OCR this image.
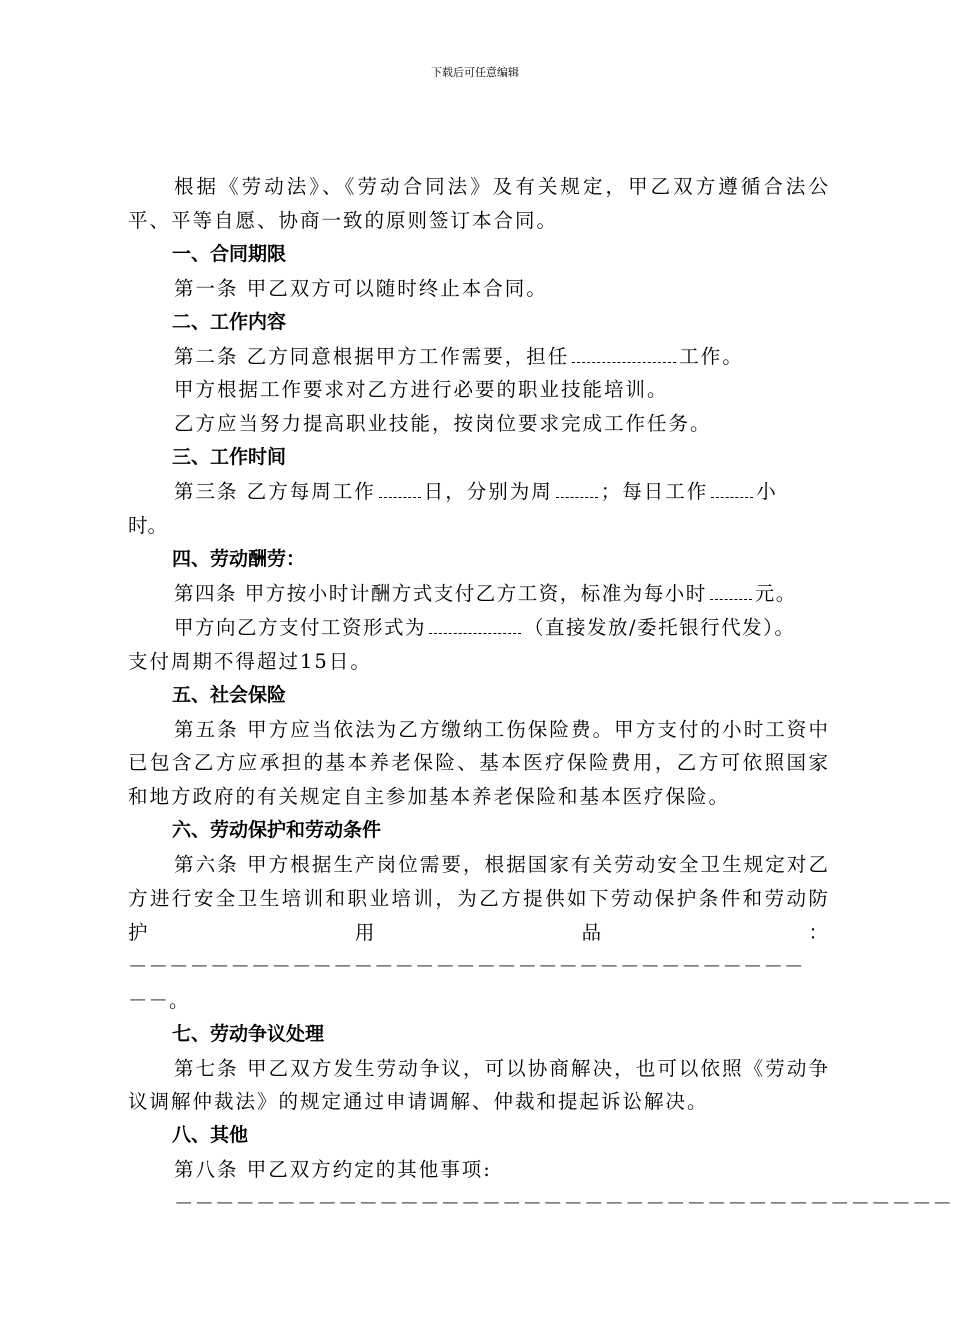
下载后可任意编辑

根据《劳动法》、《劳动合同法》及有关规定，甲乙双方遵循合法公平、平等自愿、协商一致的原则签订本合同。

一、合同期限

第一条 甲乙双方可以随时终止本合同。

二、工作内容

第二条 乙方同意根据甲方工作需要，担任	工作。

甲方根据工作要求对乙方进行必要的职业技能培训。

乙方应当努力提高职业技能，按岗位要求完成工作任务。

三、工作时间

第三条 乙方每周工作 日，分别为周 ；每日工作 小

时。

四、劳动酬劳：

第四条 甲方按小时计酬方式支付乙方工资，标准为每小时 元。

甲方向乙方支付工资形式为	（直接发放/委托银行代发）。

支付周期不得超过15日。

五、社会保险

第五条 甲方应当依法为乙方缴纳工伤保险费。甲方支付的小时工资中已包含乙方应承担的基本养老保险、基本医疗保险费用，乙方可依照国家和地方政府的有关规定自主参加基本养老保险和基本医疗保险。

六、劳动保护和劳动条件

第六条 甲方根据生产岗位需要，根据国家有关劳动安全卫生规定对乙方进行安全卫生培训和职业培训，为乙方提供如下劳动保护条件和劳动防护用品：－－－－－－－－－－－－－－－－－－－－－－－－－－－－－－－－－

－－。

七、劳动争议处理

第七条 甲乙双方发生劳动争议，可以协商解决，也可以依照《劳动争议调解仲裁法》的规定通过申请调解、仲裁和提起诉讼解决。

八、其他

第八条 甲乙双方约定的其他事项:

－－－－－－－－－－－－－－－－－－－－－－－－－－－－－－－－－－－－－－
